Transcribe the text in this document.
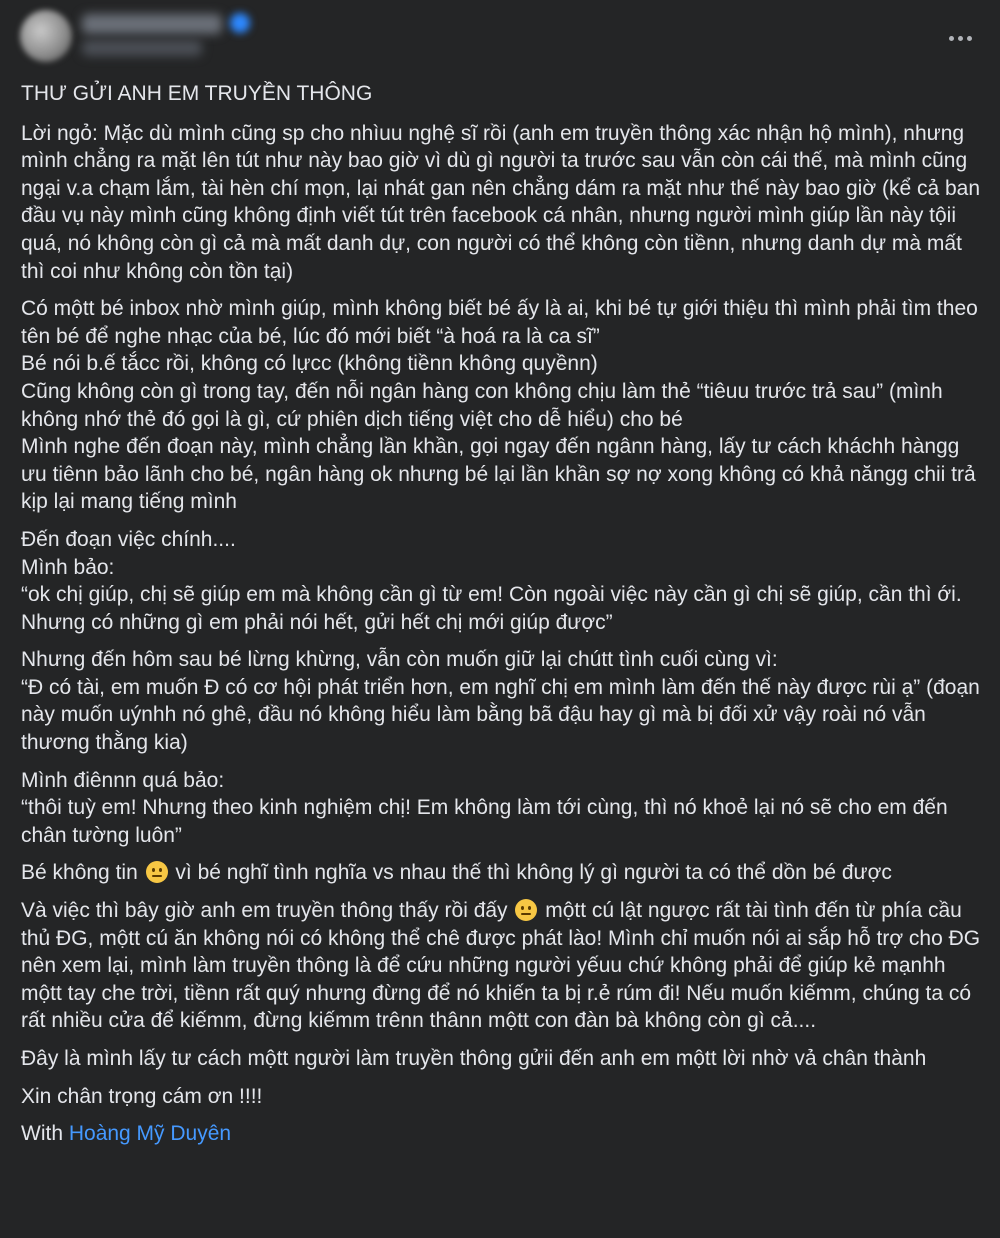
THƯ GỬI ANH EM TRUYỀN THÔNG

Lời ngỏ: Mặc dù mình cũng sp cho nhìuu nghệ sĩ rồi (anh em truyền thông xác nhận hộ mình), nhưng mình chẳng ra mặt lên tút như này bao giờ vì dù gì người ta trước sau vẫn còn cái thế, mà mình cũng ngại v.a chạm lắm, tài hèn chí mọn, lại nhát gan nên chẳng dám ra mặt như thế này bao giờ (kể cả ban đầu vụ này mình cũng không định viết tút trên facebook cá nhân, nhưng người mình giúp lần này tộii quá, nó không còn gì cả mà mất danh dự, con người có thể không còn tiềnn, nhưng danh dự mà mất thì coi như không còn tồn tại)

Có mộtt bé inbox nhờ mình giúp, mình không biết bé ấy là ai, khi bé tự giới thiệu thì mình phải tìm theo tên bé để nghe nhạc của bé, lúc đó mới biết “à hoá ra là ca sĩ”
Bé nói b.ế tắcc rồi, không có lựcc (không tiềnn không quyềnn)
Cũng không còn gì trong tay, đến nỗi ngân hàng con không chịu làm thẻ “tiêuu trước trả sau” (mình không nhớ thẻ đó gọi là gì, cứ phiên dịch tiếng việt cho dễ hiểu) cho bé
Mình nghe đến đoạn này, mình chẳng lần khần, gọi ngay đến ngânn hàng, lấy tư cách kháchh hàngg ưu tiênn bảo lãnh cho bé, ngân hàng ok nhưng bé lại lần khần sợ nợ xong không có khả năngg chii trả kịp lại mang tiếng mình

Đến đoạn việc chính....
Mình bảo:
“ok chị giúp, chị sẽ giúp em mà không cần gì từ em! Còn ngoài việc này cần gì chị sẽ giúp, cần thì ới. Nhưng có những gì em phải nói hết, gửi hết chị mới giúp được”

Nhưng đến hôm sau bé lừng khừng, vẫn còn muốn giữ lại chútt tình cuối cùng vì:
“Đ có tài, em muốn Đ có cơ hội phát triển hơn, em nghĩ chị em mình làm đến thế này được rùi ạ” (đoạn này muốn uýnhh nó ghê, đầu nó không hiểu làm bằng bã đậu hay gì mà bị đối xử vậy roài nó vẫn thương thằng kia)

Mình điênnn quá bảo:
“thôi tuỳ em! Nhưng theo kinh nghiệm chị! Em không làm tới cùng, thì nó khoẻ lại nó sẽ cho em đến chân tường luôn”

Bé không tin
vì bé nghĩ tình nghĩa vs nhau thế thì không lý gì người ta có thể dồn bé được

Và việc thì bây giờ anh em truyền thông thấy rồi đấy
mộtt cú lật ngược rất tài tình đến từ phía cầu thủ ĐG, mộtt cú ăn không nói có không thể chê được phát lào! Mình chỉ muốn nói ai sắp hỗ trợ cho ĐG nên xem lại, mình làm truyền thông là để cứu những người yếuu chứ không phải để giúp kẻ mạnhh mộtt tay che trời, tiềnn rất quý nhưng đừng để nó khiến ta bị r.ẻ rúm đi! Nếu muốn kiếmm, chúng ta có rất nhiều cửa để kiếmm, đừng kiếmm trênn thânn mộtt con đàn bà không còn gì cả....

Đây là mình lấy tư cách mộtt người làm truyền thông gửii đến anh em mộtt lời nhờ vả chân thành

Xin chân trọng cám ơn !!!!

With Hoàng Mỹ Duyên
